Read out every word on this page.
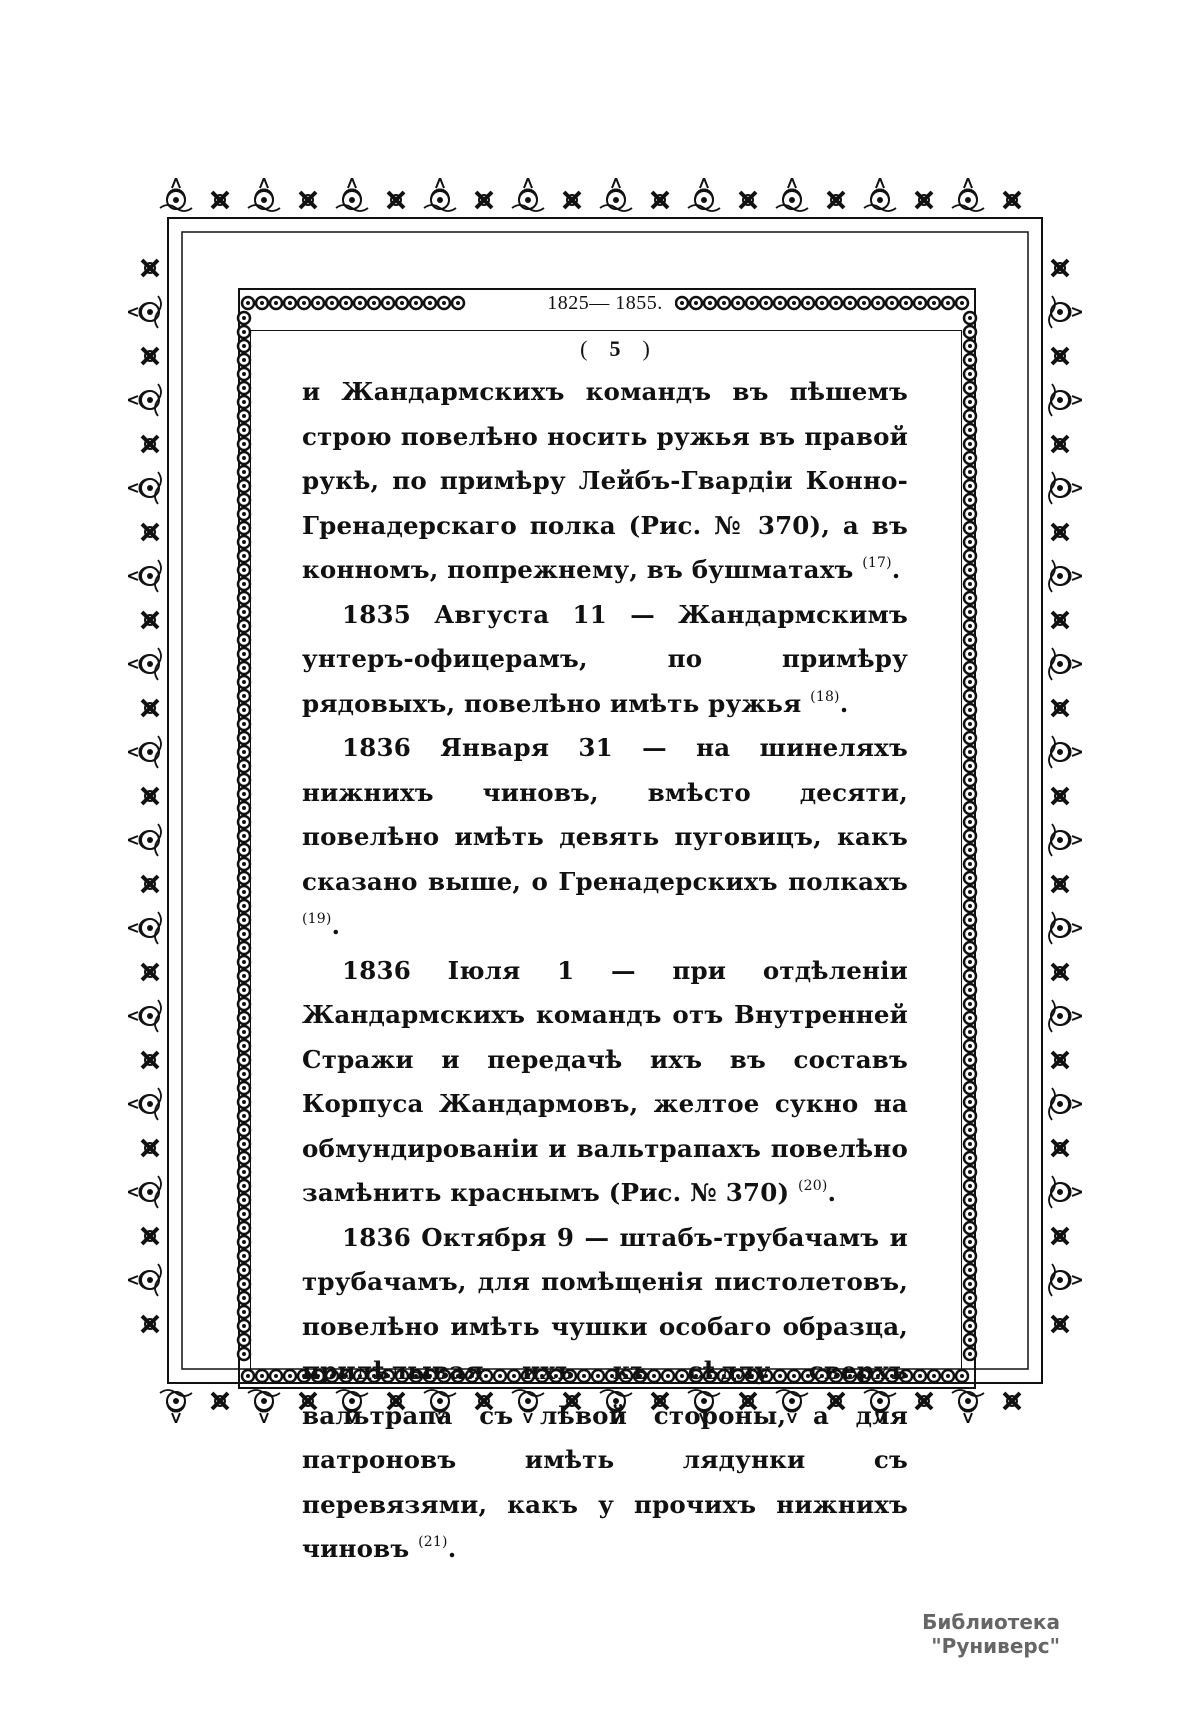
1825— 1855.
( 5 )

и Жандармскихъ командъ въ пѣшемъ строю повелѣно носить ружья въ правой рукѣ, по примѣру Лейбъ-Гвардіи Конно-Гренадерскаго полка (Рис. № 370), а въ конномъ, попрежнему, въ бушматахъ $^{(17)}$.

1835 Августа 11 — Жандармскимъ унтеръ-офицерамъ, по примѣру рядовыхъ, повелѣно имѣть ружья $^{(18)}$.

1836 Января 31 — на шинеляхъ нижнихъ чиновъ, вмѣсто десяти, повелѣно имѣть девять пуговицъ, какъ сказано выше, о Гренадерскихъ полкахъ $^{(19)}$.

1836 Іюля 1 — при отдѣленіи Жандармскихъ командъ отъ Внутренней Стражи и передачѣ ихъ въ составъ Корпуса Жандармовъ, желтое сукно на обмундированіи и вальтрапахъ повелѣно замѣнить краснымъ (Рис. № 370) $^{(20)}$.

1836 Октября 9 — штабъ-трубачамъ и трубачамъ, для помѣщенія пистолетовъ, повелѣно имѣть чушки особаго образца, придѣлывая ихъ къ сѣдлу сверхъ вальтрапа съ лѣвой стороны, а для патроновъ имѣть лядунки съ перевязями, какъ у прочихъ нижнихъ чиновъ $^{(21)}$.

Библиотека "Руниверс"
